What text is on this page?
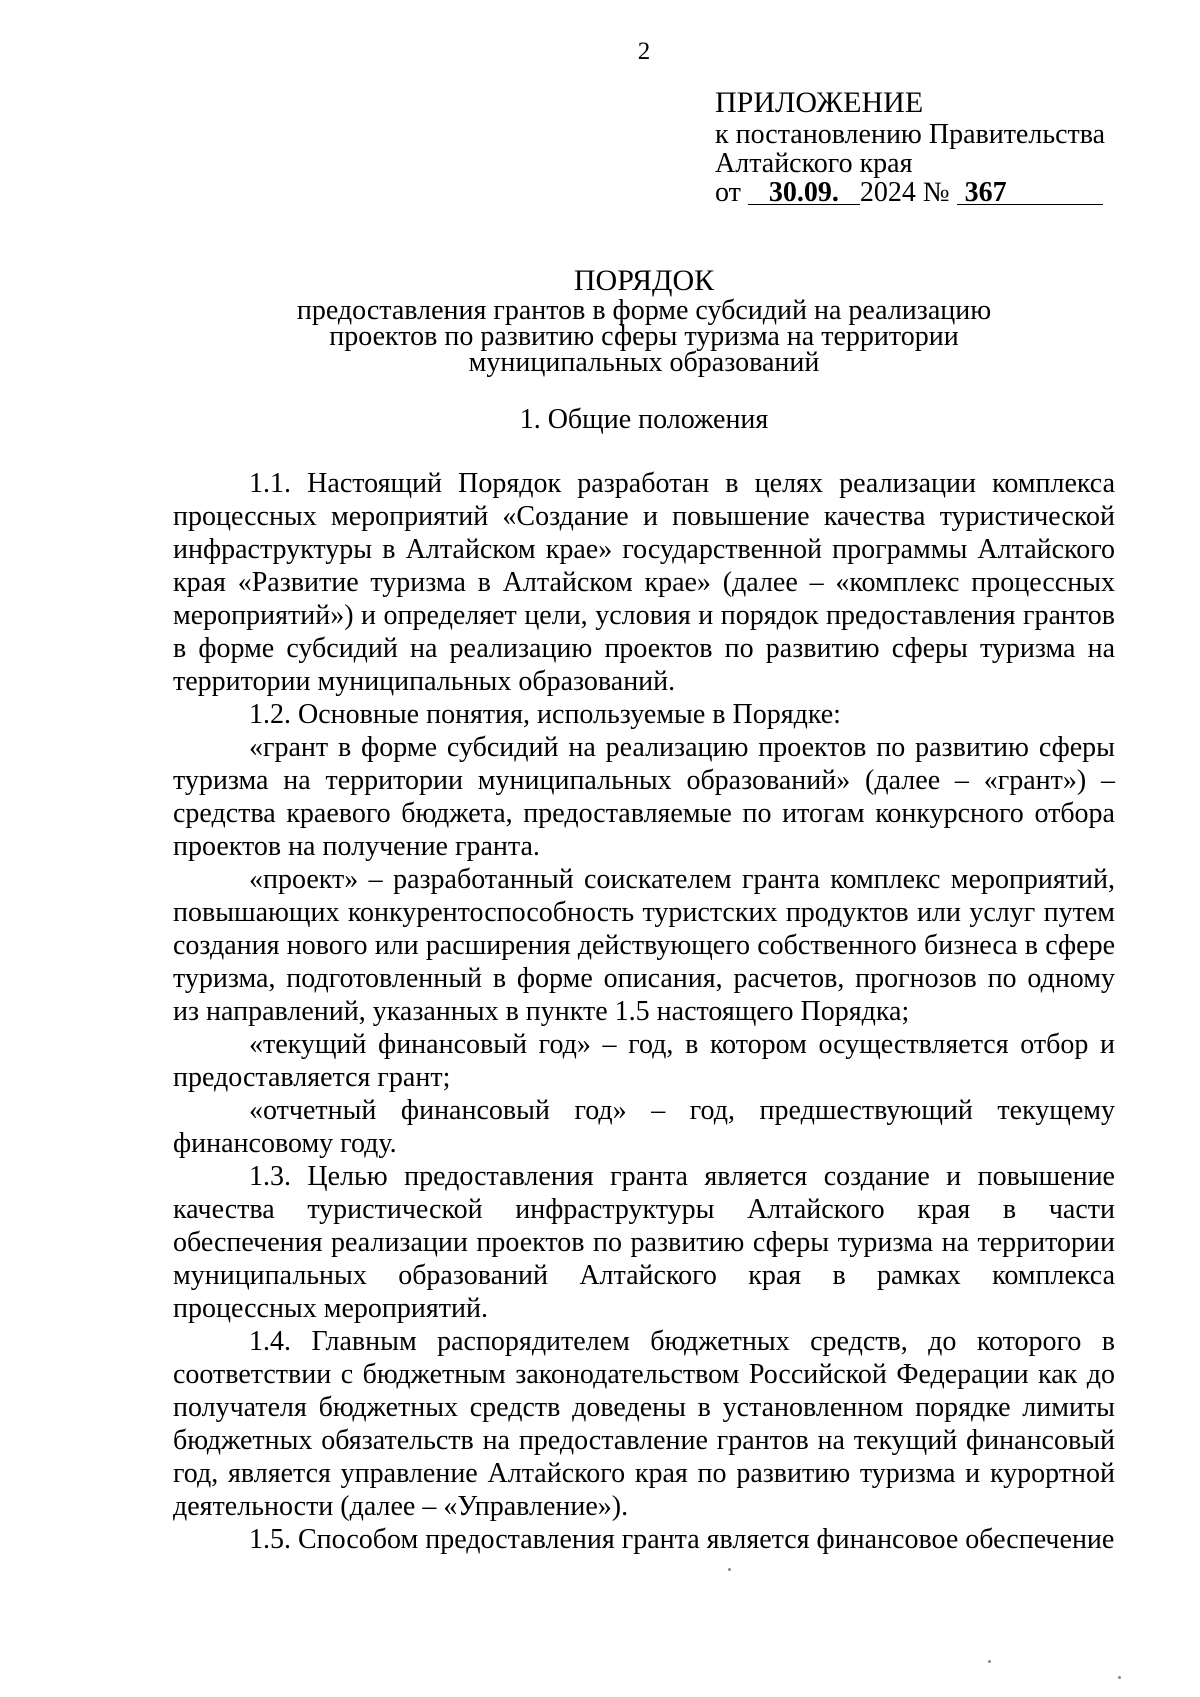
2
ПРИЛОЖЕНИЕ
к постановлению Правительства
Алтайского края
от 30.09. 2024 № 367
ПОРЯДОК
предоставления грантов в форме субсидий на реализацию
проектов по развитию сферы туризма на территории
муниципальных образований
1. Общие положения

1.1. Настоящий Порядок разработан в целях реализации комплекса процессных мероприятий «Создание и повышение качества туристической инфраструктуры в Алтайском крае» государственной программы Алтайского края «Развитие туризма в Алтайском крае» (далее – «комплекс процессных мероприятий») и определяет цели, условия и порядок предоставления грантов в форме субсидий на реализацию проектов по развитию сферы туризма на территории муниципальных образований.

1.2. Основные понятия, используемые в Порядке:

«грант в форме субсидий на реализацию проектов по развитию сферы туризма на территории муниципальных образований» (далее – «грант») – средства краевого бюджета, предоставляемые по итогам конкурсного отбора проектов на получение гранта.

«проект» – разработанный соискателем гранта комплекс мероприятий, повышающих конкурентоспособность туристских продуктов или услуг путем создания нового или расширения действующего собственного бизнеса в сфере туризма, подготовленный в форме описания, расчетов, прогнозов по одному из направлений, указанных в пункте 1.5 настоящего Порядка;

«текущий финансовый год» – год, в котором осуществляется отбор и предоставляется грант;

«отчетный финансовый год» – год, предшествующий текущему финансовому году.

1.3. Целью предоставления гранта является создание и повышение качества туристической инфраструктуры Алтайского края в части обеспечения реализации проектов по развитию сферы туризма на территории муниципальных образований Алтайского края в рамках комплекса процессных мероприятий.

1.4. Главным распорядителем бюджетных средств, до которого в соответствии с бюджетным законодательством Российской Федерации как до получателя бюджетных средств доведены в установленном порядке лимиты бюджетных обязательств на предоставление грантов на текущий финансовый год, является управление Алтайского края по развитию туризма и курортной деятельности (далее – «Управление»).

1.5. Способом предоставления гранта является финансовое обеспечение
